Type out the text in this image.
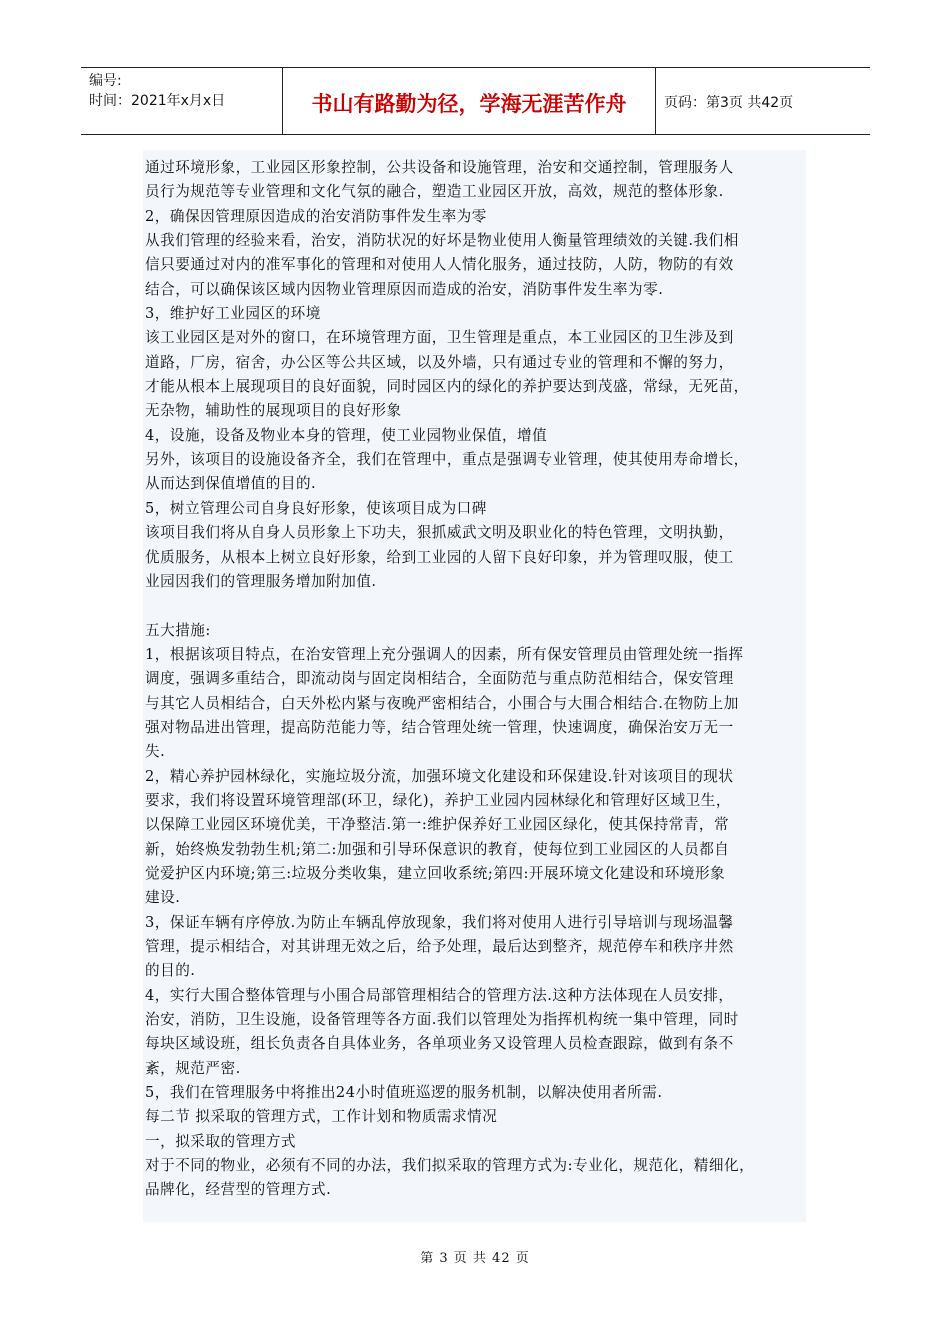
编号:
时间：2021年x月x日	书山有路勤为径，学海无涯苦作舟	页码：第3页 共42页
通过环境形象，工业园区形象控制，公共设备和设施管理，治安和交通控制，管理服务人
员行为规范等专业管理和文化气氛的融合，塑造工业园区开放，高效，规范的整体形象.
2，确保因管理原因造成的治安消防事件发生率为零
从我们管理的经验来看，治安，消防状况的好坏是物业使用人衡量管理绩效的关键.我们相
信只要通过对内的准军事化的管理和对使用人人情化服务，通过技防，人防，物防的有效
结合，可以确保该区域内因物业管理原因而造成的治安，消防事件发生率为零.
3，维护好工业园区的环境
该工业园区是对外的窗口，在环境管理方面，卫生管理是重点，本工业园区的卫生涉及到
道路，厂房，宿舍，办公区等公共区域，以及外墙，只有通过专业的管理和不懈的努力，
才能从根本上展现项目的良好面貌，同时园区内的绿化的养护要达到茂盛，常绿，无死苗，
无杂物，辅助性的展现项目的良好形象
4，设施，设备及物业本身的管理，使工业园物业保值，增值
另外，该项目的设施设备齐全，我们在管理中，重点是强调专业管理，使其使用寿命增长，
从而达到保值增值的目的.
5，树立管理公司自身良好形象，使该项目成为口碑
该项目我们将从自身人员形象上下功夫，狠抓威武文明及职业化的特色管理，文明执勤，
优质服务，从根本上树立良好形象，给到工业园的人留下良好印象，并为管理叹服，使工
业园因我们的管理服务增加附加值.
五大措施:
1，根据该项目特点，在治安管理上充分强调人的因素，所有保安管理员由管理处统一指挥
调度，强调多重结合，即流动岗与固定岗相结合，全面防范与重点防范相结合，保安管理
与其它人员相结合，白天外松内紧与夜晚严密相结合，小围合与大围合相结合.在物防上加
强对物品进出管理，提高防范能力等，结合管理处统一管理，快速调度，确保治安万无一
失.
2，精心养护园林绿化，实施垃圾分流，加强环境文化建设和环保建设.针对该项目的现状
要求，我们将设置环境管理部(环卫，绿化)，养护工业园内园林绿化和管理好区域卫生，
以保障工业园区环境优美，干净整洁.第一:维护保养好工业园区绿化，使其保持常青，常
新，始终焕发勃勃生机;第二:加强和引导环保意识的教育，使每位到工业园区的人员都自
觉爱护区内环境;第三:垃圾分类收集，建立回收系统;第四:开展环境文化建设和环境形象
建设.
3，保证车辆有序停放.为防止车辆乱停放现象，我们将对使用人进行引导培训与现场温馨
管理，提示相结合，对其讲理无效之后，给予处理，最后达到整齐，规范停车和秩序井然
的目的.
4，实行大围合整体管理与小围合局部管理相结合的管理方法.这种方法体现在人员安排，
治安，消防，卫生设施，设备管理等各方面.我们以管理处为指挥机构统一集中管理，同时
每块区域设班，组长负责各自具体业务，各单项业务又设管理人员检查跟踪，做到有条不
紊，规范严密.
5，我们在管理服务中将推出24小时值班巡逻的服务机制，以解决使用者所需.
每二节 拟采取的管理方式，工作计划和物质需求情况
一，拟采取的管理方式
对于不同的物业，必须有不同的办法，我们拟采取的管理方式为:专业化，规范化，精细化，
品牌化，经营型的管理方式.
第 3 页 共 42 页
